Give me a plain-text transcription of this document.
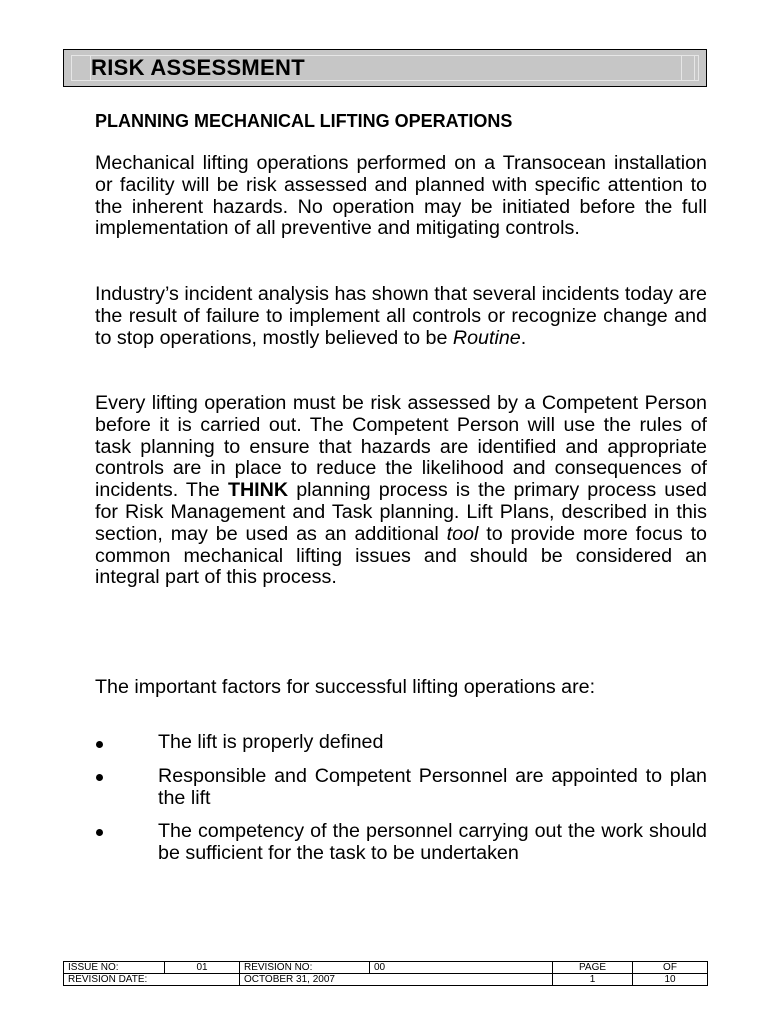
RISK ASSESSMENT
PLANNING MECHANICAL LIFTING OPERATIONS

Mechanical lifting operations performed on a Transocean installation or facility will be risk assessed and planned with specific attention to the inherent hazards. No operation may be initiated before the full implementation of all preventive and mitigating controls.

Industry’s incident analysis has shown that several incidents today are the result of failure to implement all controls or recognize change and to stop operations, mostly believed to be Routine.

Every lifting operation must be risk assessed by a Competent Person before it is carried out. The Competent Person will use the rules of task planning to ensure that hazards are identified and appropriate controls are in place to reduce the likelihood and consequences of incidents. The THINK planning process is the primary process used for Risk Management and Task planning. Lift Plans, described in this section, may be used as an additional tool to provide more focus to common mechanical lifting issues and should be considered an integral part of this process.

The important factors for successful lifting operations are:

The lift is properly defined

Responsible and Competent Personnel are appointed to plan the lift

The competency of the personnel carrying out the work should be sufficient for the task to be undertaken

ISSUE NO:	01	REVISION NO:	00	PAGE	OF
REVISION DATE:		OCTOBER 31, 2007		1	10
